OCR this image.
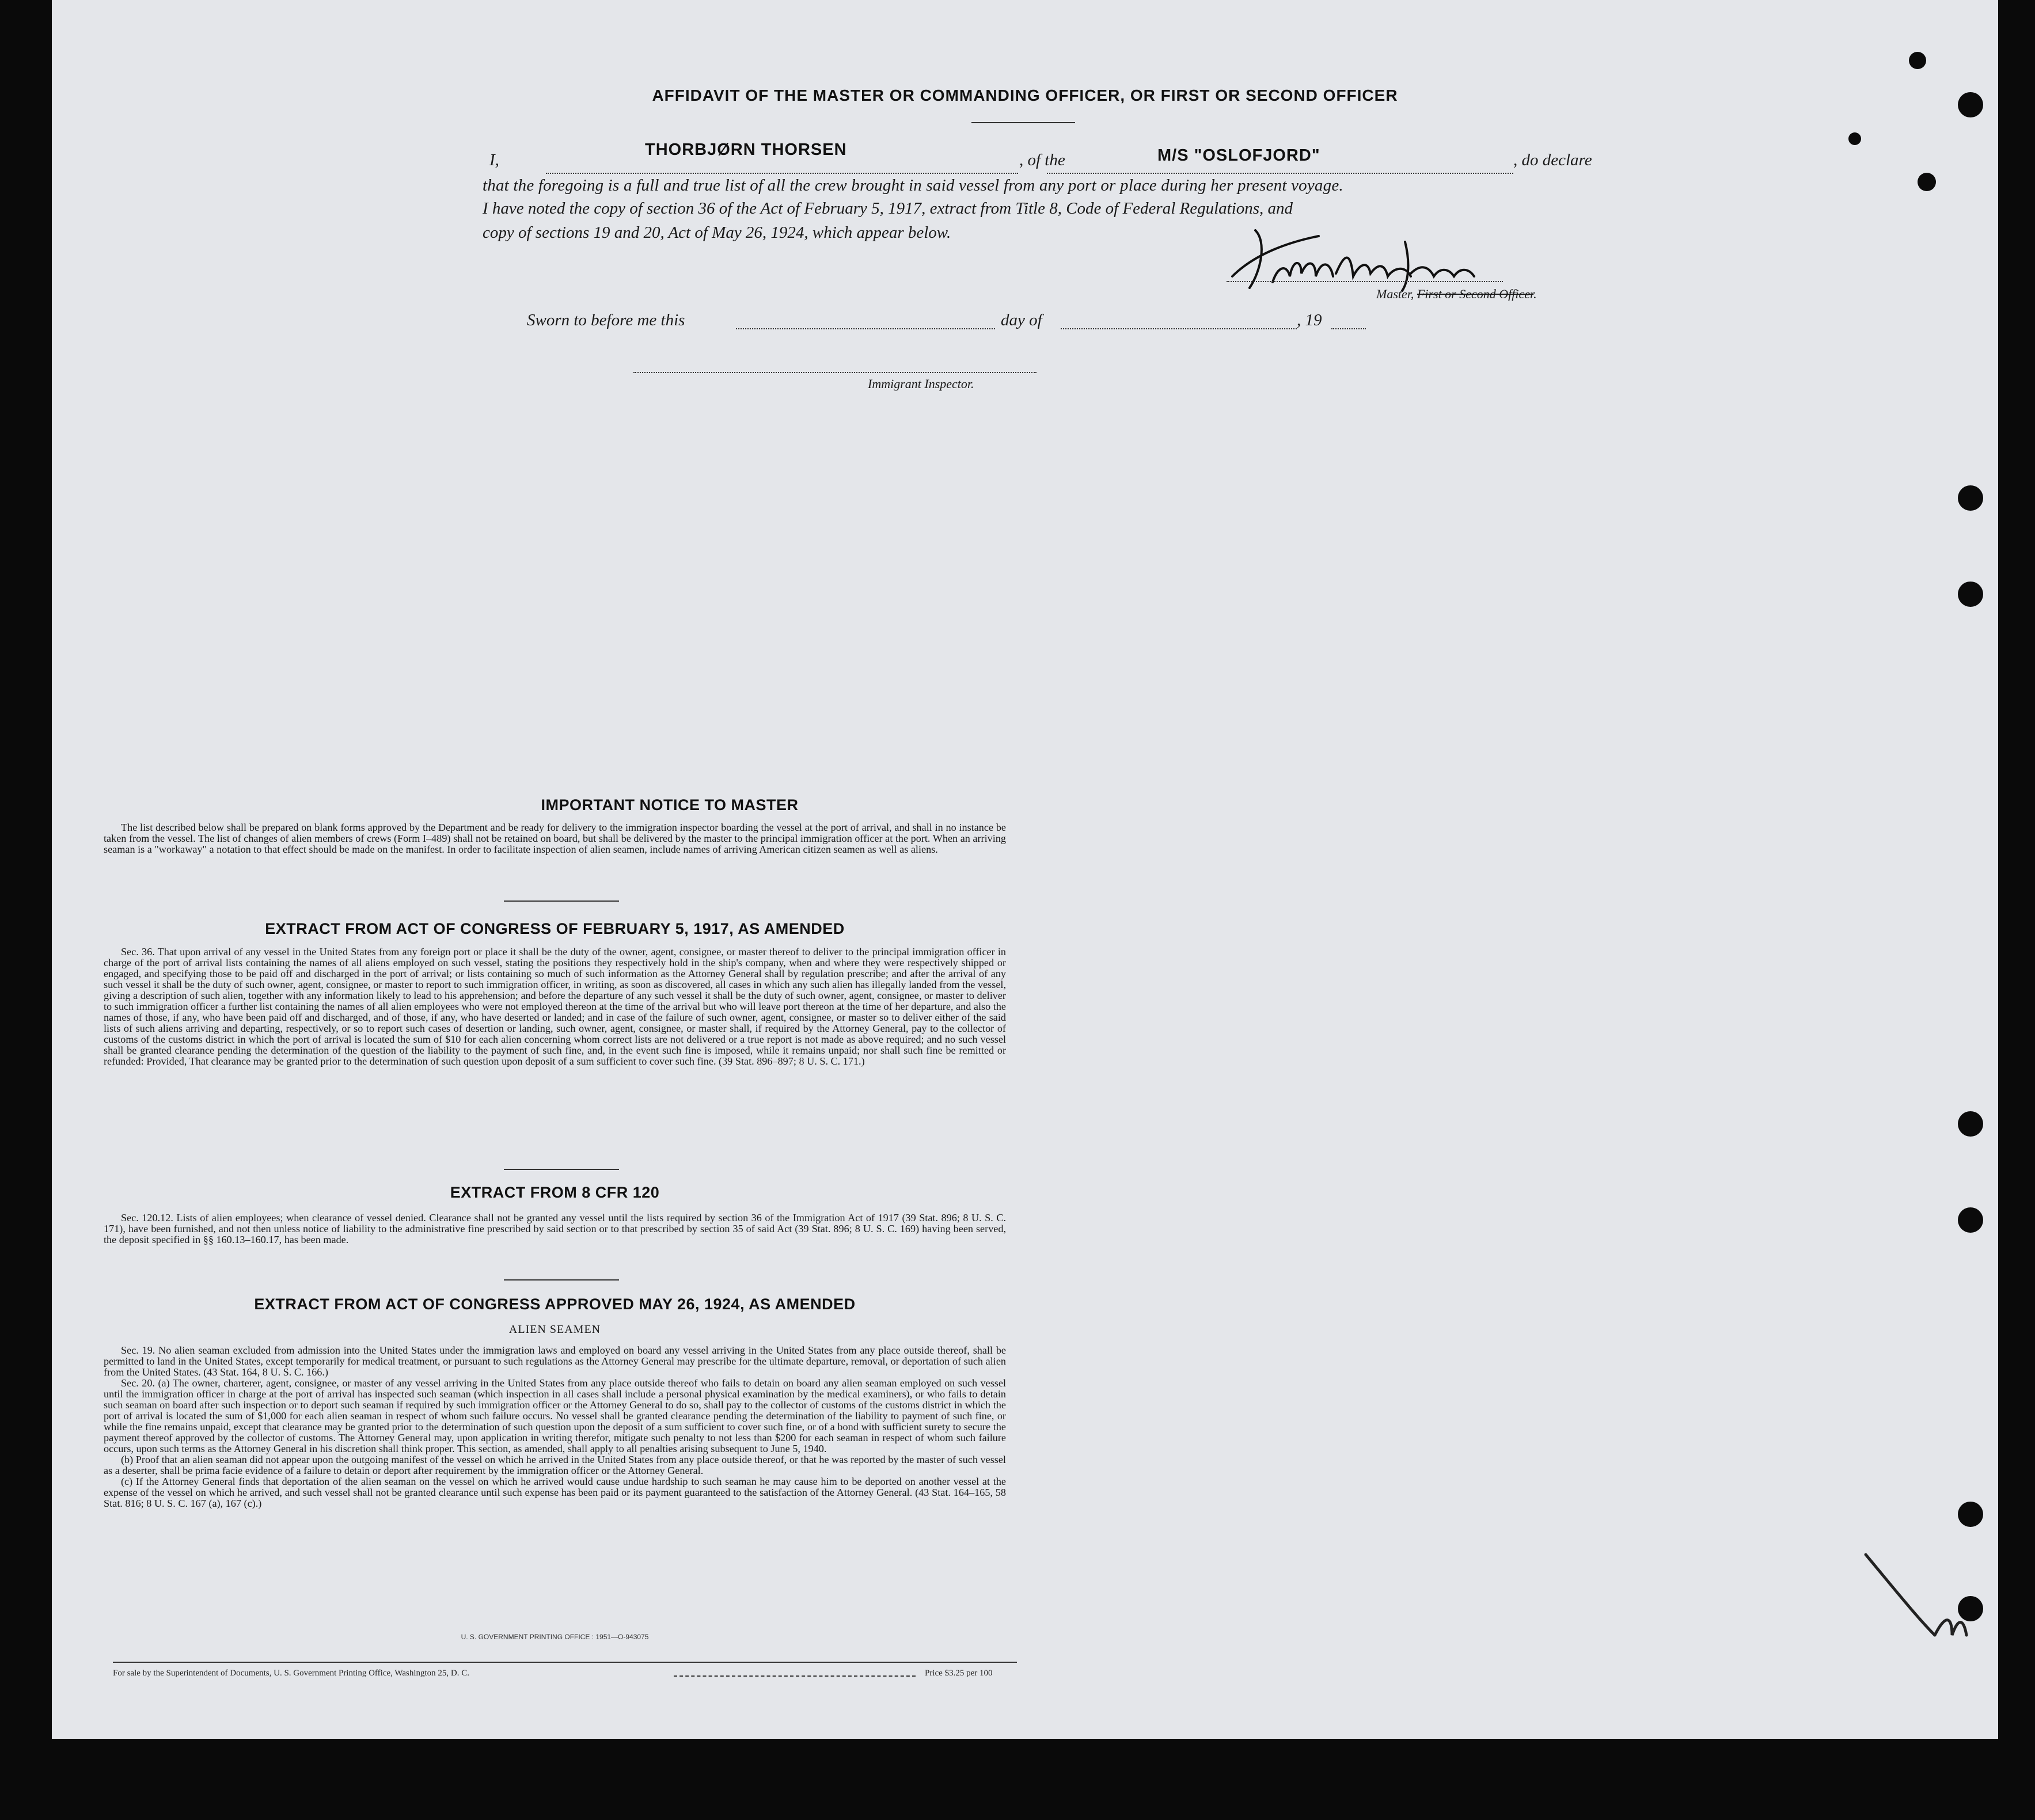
AFFIDAVIT OF THE MASTER OR COMMANDING OFFICER, OR FIRST OR SECOND OFFICER
I,
THORBJØRN THORSEN
, of the	M/S "OSLOFJORD"	, do declare
that the foregoing is a full and true list of all the crew brought in said vessel from any port or place during her present voyage.
I have noted the copy of section 36 of the Act of February 5, 1917, extract from Title 8, Code of Federal Regulations, and
copy of sections 19 and 20, Act of May 26, 1924, which appear below.
Master, First or Second Officer.
Sworn to before me this	day of	, 19
Immigrant Inspector.
IMPORTANT NOTICE TO MASTER
The list described below shall be prepared on blank forms approved by the Department and be ready for delivery to the immigration inspector boarding the vessel at the port of arrival, and shall in no instance be taken from the vessel. The list of changes of alien members of crews (Form I–489) shall not be retained on board, but shall be delivered by the master to the principal immigration officer at the port. When an arriving seaman is a "workaway" a notation to that effect should be made on the manifest. In order to facilitate inspection of alien seamen, include names of arriving American citizen seamen as well as aliens.
EXTRACT FROM ACT OF CONGRESS OF FEBRUARY 5, 1917, AS AMENDED
Sec. 36. That upon arrival of any vessel in the United States from any foreign port or place it shall be the duty of the owner, agent, consignee, or master thereof to deliver to the principal immigration officer in charge of the port of arrival lists containing the names of all aliens employed on such vessel, stating the positions they respectively hold in the ship's company, when and where they were respectively shipped or engaged, and specifying those to be paid off and discharged in the port of arrival; or lists containing so much of such information as the Attorney General shall by regulation prescribe; and after the arrival of any such vessel it shall be the duty of such owner, agent, consignee, or master to report to such immigration officer, in writing, as soon as discovered, all cases in which any such alien has illegally landed from the vessel, giving a description of such alien, together with any information likely to lead to his apprehension; and before the departure of any such vessel it shall be the duty of such owner, agent, consignee, or master to deliver to such immigration officer a further list containing the names of all alien employees who were not employed thereon at the time of the arrival but who will leave port thereon at the time of her departure, and also the names of those, if any, who have been paid off and discharged, and of those, if any, who have deserted or landed; and in case of the failure of such owner, agent, consignee, or master so to deliver either of the said lists of such aliens arriving and departing, respectively, or so to report such cases of desertion or landing, such owner, agent, consignee, or master shall, if required by the Attorney General, pay to the collector of customs of the customs district in which the port of arrival is located the sum of $10 for each alien concerning whom correct lists are not delivered or a true report is not made as above required; and no such vessel shall be granted clearance pending the determination of the question of the liability to the payment of such fine, and, in the event such fine is imposed, while it remains unpaid; nor shall such fine be remitted or refunded: Provided, That clearance may be granted prior to the determination of such question upon deposit of a sum sufficient to cover such fine. (39 Stat. 896–897; 8 U. S. C. 171.)
EXTRACT FROM 8 CFR 120
Sec. 120.12. Lists of alien employees; when clearance of vessel denied. Clearance shall not be granted any vessel until the lists required by section 36 of the Immigration Act of 1917 (39 Stat. 896; 8 U. S. C. 171), have been furnished, and not then unless notice of liability to the administrative fine prescribed by said section or to that prescribed by section 35 of said Act (39 Stat. 896; 8 U. S. C. 169) having been served, the deposit specified in §§ 160.13–160.17, has been made.
EXTRACT FROM ACT OF CONGRESS APPROVED MAY 26, 1924, AS AMENDED
ALIEN SEAMEN
Sec. 19. No alien seaman excluded from admission into the United States under the immigration laws and employed on board any vessel arriving in the United States from any place outside thereof, shall be permitted to land in the United States, except temporarily for medical treatment, or pursuant to such regulations as the Attorney General may prescribe for the ultimate departure, removal, or deportation of such alien from the United States. (43 Stat. 164, 8 U. S. C. 166.)
Sec. 20. (a) The owner, charterer, agent, consignee, or master of any vessel arriving in the United States from any place outside thereof who fails to detain on board any alien seaman employed on such vessel until the immigration officer in charge at the port of arrival has inspected such seaman (which inspection in all cases shall include a personal physical examination by the medical examiners), or who fails to detain such seaman on board after such inspection or to deport such seaman if required by such immigration officer or the Attorney General to do so, shall pay to the collector of customs of the customs district in which the port of arrival is located the sum of $1,000 for each alien seaman in respect of whom such failure occurs. No vessel shall be granted clearance pending the determination of the liability to payment of such fine, or while the fine remains unpaid, except that clearance may be granted prior to the determination of such question upon the deposit of a sum sufficient to cover such fine, or of a bond with sufficient surety to secure the payment thereof approved by the collector of customs. The Attorney General may, upon application in writing therefor, mitigate such penalty to not less than $200 for each seaman in respect of whom such failure occurs, upon such terms as the Attorney General in his discretion shall think proper. This section, as amended, shall apply to all penalties arising subsequent to June 5, 1940.
(b) Proof that an alien seaman did not appear upon the outgoing manifest of the vessel on which he arrived in the United States from any place outside thereof, or that he was reported by the master of such vessel as a deserter, shall be prima facie evidence of a failure to detain or deport after requirement by the immigration officer or the Attorney General.
(c) If the Attorney General finds that deportation of the alien seaman on the vessel on which he arrived would cause undue hardship to such seaman he may cause him to be deported on another vessel at the expense of the vessel on which he arrived, and such vessel shall not be granted clearance until such expense has been paid or its payment guaranteed to the satisfaction of the Attorney General. (43 Stat. 164–165, 58 Stat. 816; 8 U. S. C. 167 (a), 167 (c).)
U. S. GOVERNMENT PRINTING OFFICE : 1951—O-943075
For sale by the Superintendent of Documents, U. S. Government Printing Office, Washington 25, D. C.	Price $3.25 per 100
